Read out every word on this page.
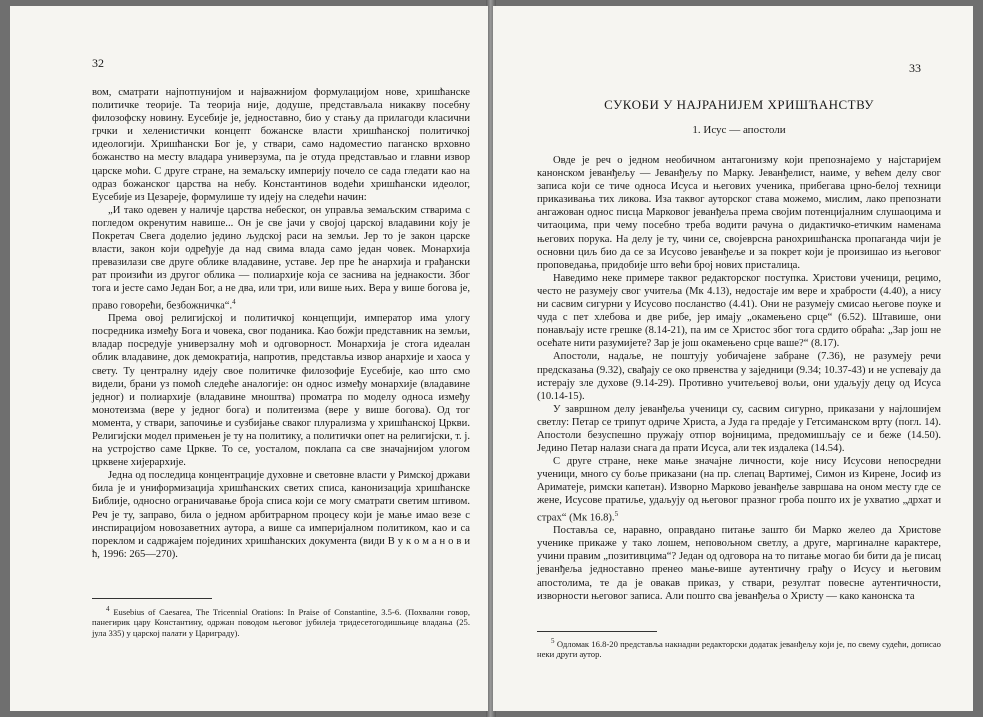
32

вом, сматрати најпотпунијом и најважнијом формулацијом нове, хришћанске политичке теорије. Та теорија није, додуше, представљала никакву посебну филозофску новину. Eусебије је, једноставно, био у стању да прилагоди класични грчки и хеленистички концепт божанске власти хришћанској политичкој идеологији. Хришћански Бог је, у ствари, само надоместио паганско врховно божанство на месту владара универзума, па је отуда представљао и главни извор царске моћи. С друге стране, на земаљску империју почело се сада гледати као на одраз божанског царства на небу. Константинов водећи хришћански идеолог, Eусебије из Цезареје, формулише ту идеју на следећи начин:

„И тако одевен у наличје царства небеског, он управља земаљским стварима с погледом окренутим навише... Он је све јачи у својој царској владавини коју је Покретач Свега доделио једино људској раси на земљи. Јер то је закон царске власти, закон који одређује да над свима влада само један човек. Монархија превазилази све друге облике владавине, уставе. Јер пре ће анархија и грађански рат произићи из другог облика — полиархије која се заснива на једнакости. Због тога и јесте само Један Бог, а не два, или три, или више њих. Вера у више богова је, право говорећи, безбожничка“.$^4$

Према овој религијској и политичкој концепцији, император има улогу посредника између Бога и човека, свог поданика. Као божји представник на земљи, владар посредује универзалну моћ и одговорност. Монархија је стога идеалан облик владавине, док демократија, напротив, представља извор анархије и хаоса у свету. Ту централну идеју свое политичке филозофије Eусебије, као што смо видели, брани уз помоћ следеће аналогије: он однос између монархије (владавине једног) и полиархије (владавине мноштва) проматра по моделу односа између монотеизма (вере у једног бога) и политеизма (вере у више богова). Од тог момента, у ствари, започиње и сузбијање сваког плурализма у хришћанској Цркви. Религијски модел примењен је ту на политику, а политички опет на религијски, т. ј. на устројство саме Цркве. То се, уосталом, поклапа са све значајнијом улогом црквене хијерархије.

Једна од последица концентрације духовне и световне власти у Римској држави била је и униформизација хришћанских светих списа, канонизација хришћанске Библије, односно ограничавање броја списа који се могу сматрати светим штивом. Реч је ту, заправо, била о једном арбитрарном процесу који је мање имао везе с инспирацијом новозаветних аутора, а више са империјалном политиком, као и са пореклом и садржајем појединих хришћанских документа (види В у к о м а н о в и ћ, 1996: 265—270).

$^4$ Eusebius of Caesarea, The Tricennial Orations: In Praise of Constantine, 3.5-6. (Похвални говор, панегирик цару Константину, одржан поводом његовог јубилеја тридесетогодишњице владања (25. јула 335) у царској палати у Цариграду).

33
СУКОБИ У НАЈРАНИЈЕМ ХРИШЋАНСТВУ
1. Исус — апостоли

Овде је реч о једном необичном антагонизму који препознајемо у најстаријем канонском јеванђељу — Јеванђељу по Марку. Јеванђелист, наиме, у већем делу свог записа који се тиче односа Исуса и његових ученика, прибегава црно-белој техници приказивања тих ликова. Иза таквог ауторског става можемо, мислим, лако препознати ангажован однос писца Марковог јеванђеља према својим потенцијалним слушаоцима и читаоцима, при чему посебно треба водити рачуна о дидактичко-етичким наменама његових порука. На делу је ту, чини се, својеврсна ранохришћанска пропаганда чији је основни циљ био да се за Исусово јеванђеље и за покрет који је произишао из његовог проповедања, придобије што већи број нових присталица.

Наведимо неке примере таквог редакторског поступка. Христови ученици, рецимо, често не разумеју свог учитеља (Мк 4.13), недостаје им вере и храбрости (4.40), а нису ни сасвим сигурни у Исусово посланство (4.41). Они не разумеју смисао његове поуке и чуда с пет хлебова и две рибе, јер имају „окамењено срце“ (6.52). Штавише, они понављају исте грешке (8.14-21), па им се Христос због тога срдито обраћа: „Зар још не осећате нити разумијете? Зар је још окамењено срце ваше?“ (8.17).

Апостоли, надаље, не поштују уобичајене забране (7.36), не разумеју речи предсказања (9.32), свађају се око првенства у заједници (9.34; 10.37-43) и не успевају да истерају зле духове (9.14-29). Противно учитељевој вољи, они удаљују децу од Исуса (10.14-15).

У завршном делу јеванђеља ученици су, сасвим сигурно, приказани у најлошијем светлу: Петар се трипут одриче Христа, а Јуда га предаје у Гетсиманском врту (погл. 14). Апостоли безуспешно пружају отпор војницима, предомишљају се и беже (14.50). Једино Петар налази снага да прати Исуса, али тек издалека (14.54).

С друге стране, неке мање значајне личности, које нису Исусови непосредни ученици, много су боље приказани (на пр. слепац Вартимеј, Симон из Кирене, Јосиф из Ариматеје, римски капетан). Изворно Марково јеванђеље завршава на оном месту где се жене, Исусове пратиље, удаљују од његовог празног гроба пошто их је ухватио „дрхат и страх“ (Мк 16.8).$^5$

Постављa се, наравно, оправдано питање зашто би Марко желео да Христове ученике прикаже у тако лошем, неповољном светлу, а друге, маргиналне карактере, учини правим „позитивцима“? Један од одговора на то питање могао би бити да је писац јеванђеља једноставно пренео мање-више аутентичну грађу о Исусу и његовим апостолима, те да је овакав приказ, у ствари, резултат повесне аутентичности, изворности његовог записа. Али пошто сва јеванђеља о Христу — како канонска та

$^5$ Одломак 16.8-20 представља накнадни редакторски додатак јеванђељу који је, по свему судећи, дописао неки други аутор.
